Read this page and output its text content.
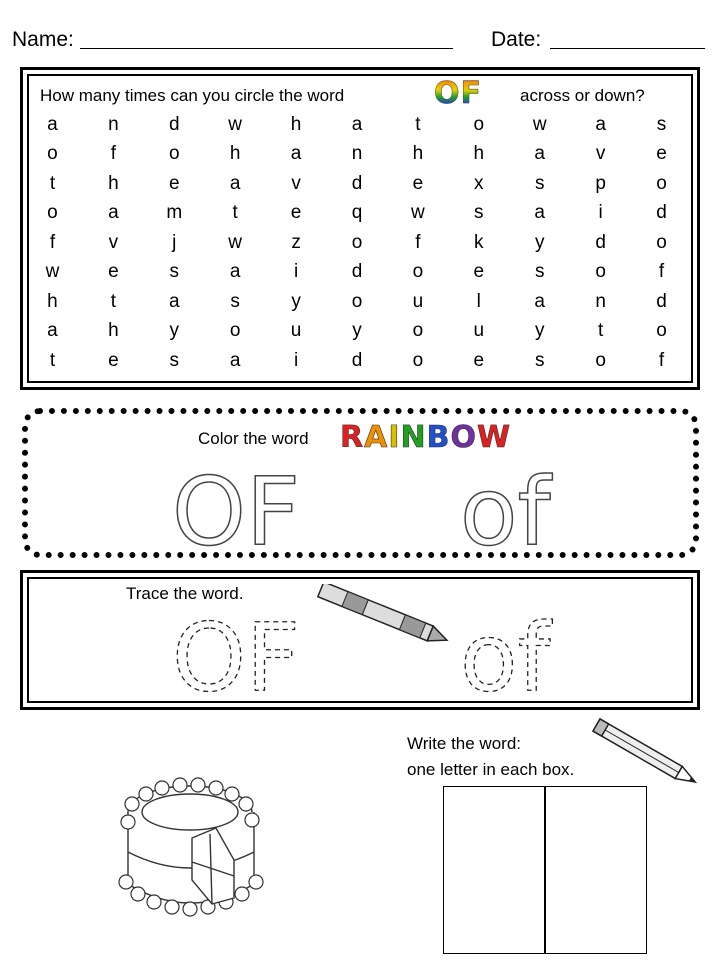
Name:	Date:
How many times can you circle the word	OF across or down?
a	n	d	w	h	a	t	o	w	a	s
o	f	o	h	a	n	h	h	a	v	e
t	h	e	a	v	d	e	x	s	p	o
o	a	m	t	e	q	w	s	a	i	d
f	v	j	w	z	o	f	k	y	d	o
w	e	s	a	i	d	o	e	s	o	f
h	t	a	s	y	o	u	l	a	n	d
a	h	y	o	u	y	o	u	y	t	o
t	e	s	a	i	d	o	e	s	o	f
Color the word RAINBOW
OF of
Trace the word.
OF of
Write the word:
one letter in each box.
